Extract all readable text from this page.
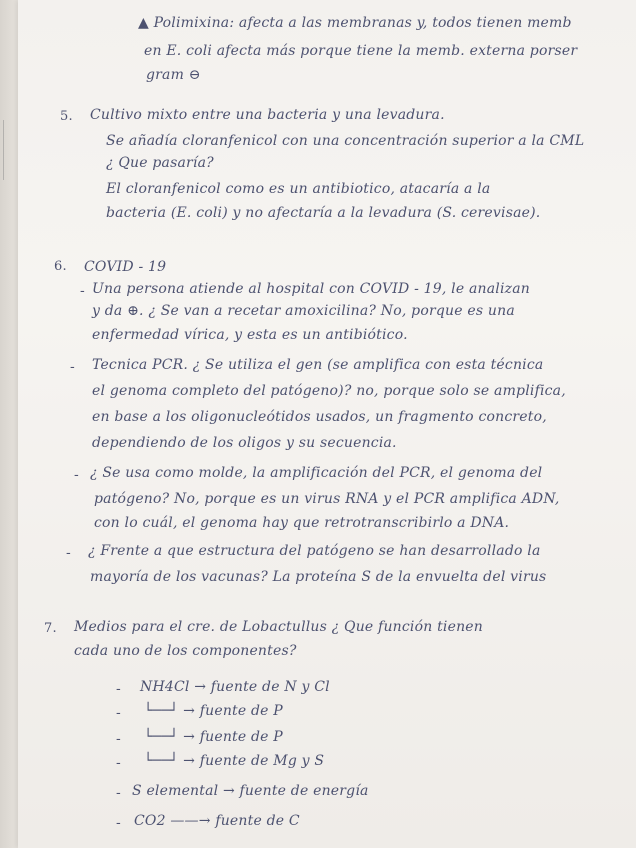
▲ Polimixina: afecta a las membranas y, todos tienen memb
en E. coli afecta más porque tiene la memb. externa porser
gram ⊖
5. Cultivo mixto entre una bacteria y una levadura.
Se añadía cloranfenicol con una concentración superior a la CML
¿ Que pasaría?
El cloranfenicol como es un antibiotico, atacaría a la
bacteria (E. coli) y no afectaría a la levadura (S. cerevisae).
6. COVID - 19
- Una persona atiende al hospital con COVID - 19, le analizan
y da ⊕. ¿ Se van a recetar amoxicilina? No, porque es una
enfermedad vírica, y esta es un antibiótico.
- Tecnica PCR. ¿ Se utiliza el gen (se amplifica con esta técnica
el genoma completo del patógeno)? no, porque solo se amplifica,
en base a los oligonucleótidos usados, un fragmento concreto,
dependiendo de los oligos y su secuencia.
- ¿ Se usa como molde, la amplificación del PCR, el genoma del
patógeno? No, porque es un virus RNA y el PCR amplifica ADN,
con lo cuál, el genoma hay que retrotranscribirlo a DNA.
- ¿ Frente a que estructura del patógeno se han desarrollado la
mayoría de los vacunas? La proteína S de la envuelta del virus
7. Medios para el cre. de Lobactullus ¿ Que función tienen
cada uno de los componentes?
- NH4Cl → fuente de N y Cl
- └──┘ → fuente de P
- └──┘ → fuente de P
- └──┘ → fuente de Mg y S
- S elemental → fuente de energía
- CO2 ——→ fuente de C
